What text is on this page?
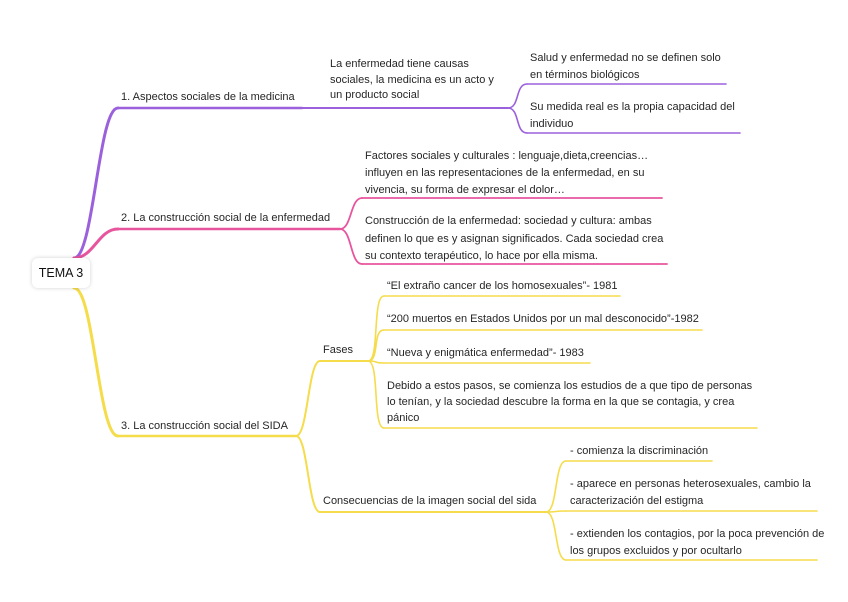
TEMA 3
1. Aspectos sociales de la medicina
La enfermedad tiene causas sociales, la medicina es un acto y un producto social
Salud y enfermedad no se definen solo en términos biológicos
Su medida real es la propia capacidad del individuo
2. La construcción social de la enfermedad
Factores sociales y culturales : lenguaje,dieta,creencias… influyen en las representaciones de la enfermedad, en su vivencia, su forma de expresar el dolor…
Construcción de la enfermedad: sociedad y cultura: ambas definen lo que es y asignan significados. Cada sociedad crea su contexto terapéutico, lo hace por ella misma.
3. La construcción social del SIDA
Fases
“El extraño cancer de los homosexuales”- 1981
“200 muertos en Estados Unidos por un mal desconocido”-1982
“Nueva y enigmática enfermedad”- 1983
Debido a estos pasos, se comienza los estudios de a que tipo de personas lo tenían, y la sociedad descubre la forma en la que se contagia, y crea pánico
Consecuencias de la imagen social del sida
- comienza la discriminación
- aparece en personas heterosexuales, cambio la caracterización del estigma
- extienden los contagios, por la poca prevención de los grupos excluidos y por ocultarlo
